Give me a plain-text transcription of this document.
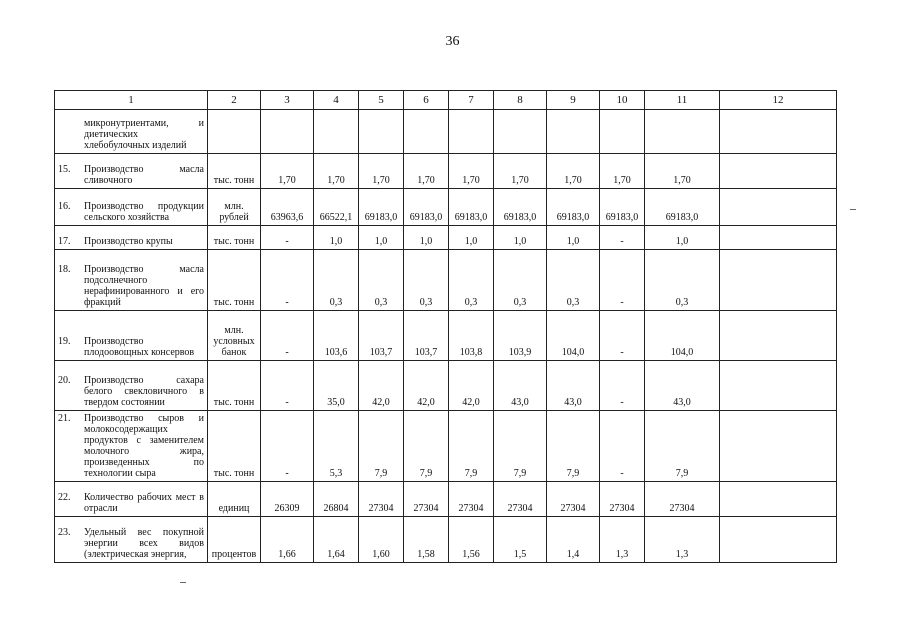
36
1	2	3	4	5	6	7	8	9	10	11	12

микронутриентами, и диетических хлебобулочных изделий											

15. Производство масла сливочного	тыс. тонн	1,70	1,70	1,70	1,70	1,70	1,70	1,70	1,70	1,70	

16. Производство продукции сельского хозяйства	млн. рублей	63963,6	66522,1	69183,0	69183,0	69183,0	69183,0	69183,0	69183,0	69183,0	

17. Производство крупы	тыс. тонн	-	1,0	1,0	1,0	1,0	1,0	1,0	-	1,0	

18. Производство масла подсолнечного нерафинированного и его фракций	тыс. тонн	-	0,3	0,3	0,3	0,3	0,3	0,3	-	0,3	

19. Производство плодоовощных консервов	млн. условных банок	-	103,6	103,7	103,7	103,8	103,9	104,0	-	104,0	

20. Производство сахара белого свекловичного в твердом состоянии	тыс. тонн	-	35,0	42,0	42,0	42,0	43,0	43,0	-	43,0	

21. Производство сыров и молокосодержащих продуктов с заменителем молочного жира, произведенных по технологии сыра	тыс. тонн	-	5,3	7,9	7,9	7,9	7,9	7,9	-	7,9	

22. Количество рабочих мест в отрасли	единиц	26309	26804	27304	27304	27304	27304	27304	27304	27304	

23. Удельный вес покупной энергии всех видов (электрическая энергия,	процентов	1,66	1,64	1,60	1,58	1,56	1,5	1,4	1,3	1,3	
